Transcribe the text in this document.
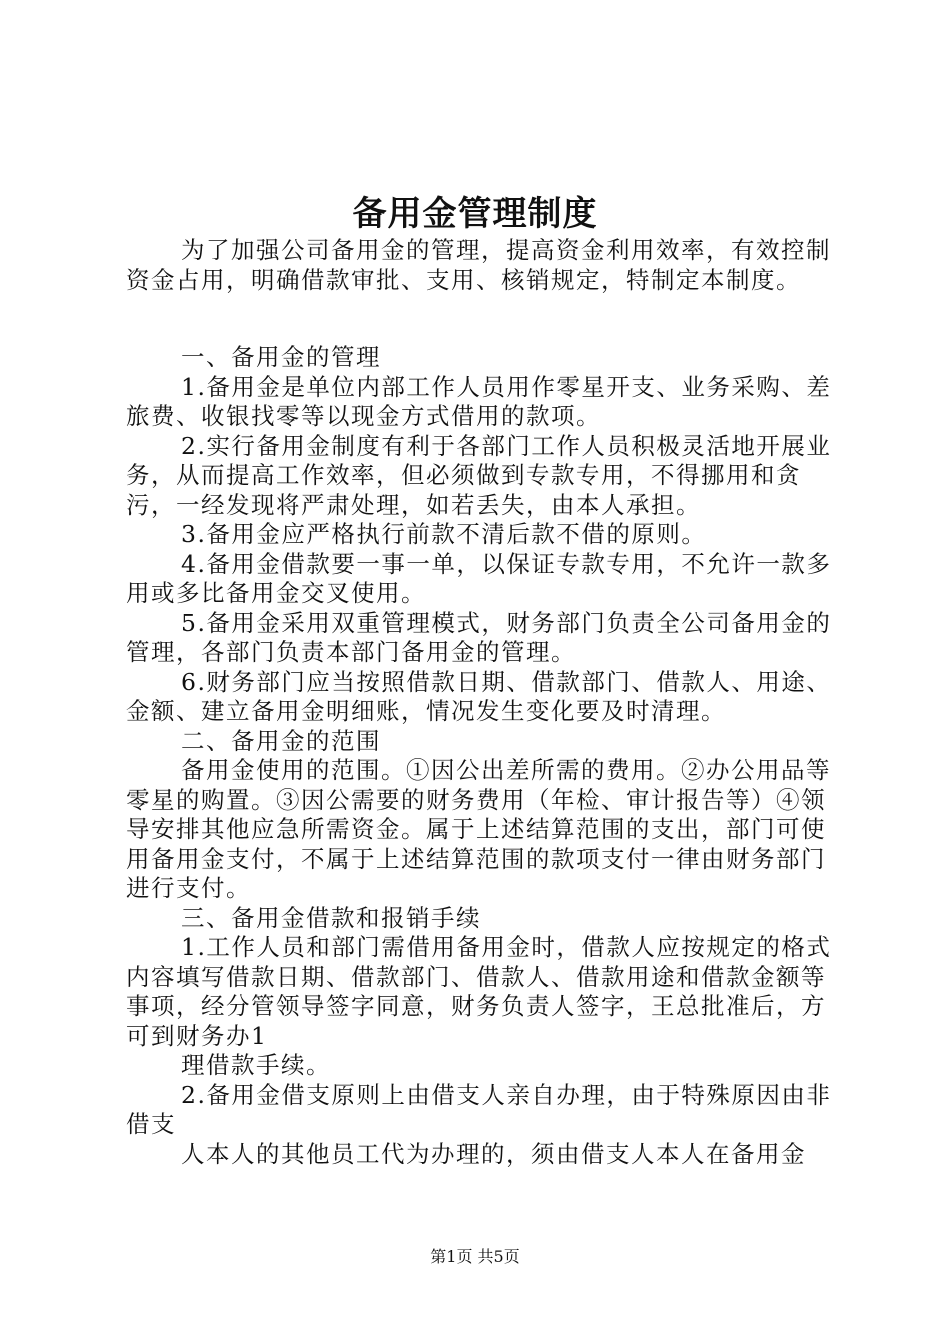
备用金管理制度

为了加强公司备用金的管理，提高资金利用效率，有效控制资金占用，明确借款审批、支用、核销规定，特制定本制度。

一、备用金的管理

1.备用金是单位内部工作人员用作零星开支、业务采购、差旅费、收银找零等以现金方式借用的款项。

2.实行备用金制度有利于各部门工作人员积极灵活地开展业务，从而提高工作效率，但必须做到专款专用，不得挪用和贪污，一经发现将严肃处理，如若丢失，由本人承担。

3.备用金应严格执行前款不清后款不借的原则。

4.备用金借款要一事一单，以保证专款专用，不允许一款多用或多比备用金交叉使用。

5.备用金采用双重管理模式，财务部门负责全公司备用金的管理，各部门负责本部门备用金的管理。

6.财务部门应当按照借款日期、借款部门、借款人、用途、金额、建立备用金明细账，情况发生变化要及时清理。

二、备用金的范围

备用金使用的范围。①因公出差所需的费用。②办公用品等零星的购置。③因公需要的财务费用（年检、审计报告等）④领导安排其他应急所需资金。属于上述结算范围的支出，部门可使用备用金支付，不属于上述结算范围的款项支付一律由财务部门进行支付。

三、备用金借款和报销手续

1.工作人员和部门需借用备用金时，借款人应按规定的格式内容填写借款日期、借款部门、借款人、借款用途和借款金额等事项，经分管领导签字同意，财务负责人签字，王总批准后，方可到财务办1

理借款手续。

2.备用金借支原则上由借支人亲自办理，由于特殊原因由非借支

人本人的其他员工代为办理的，须由借支人本人在备用金

第1页 共5页
